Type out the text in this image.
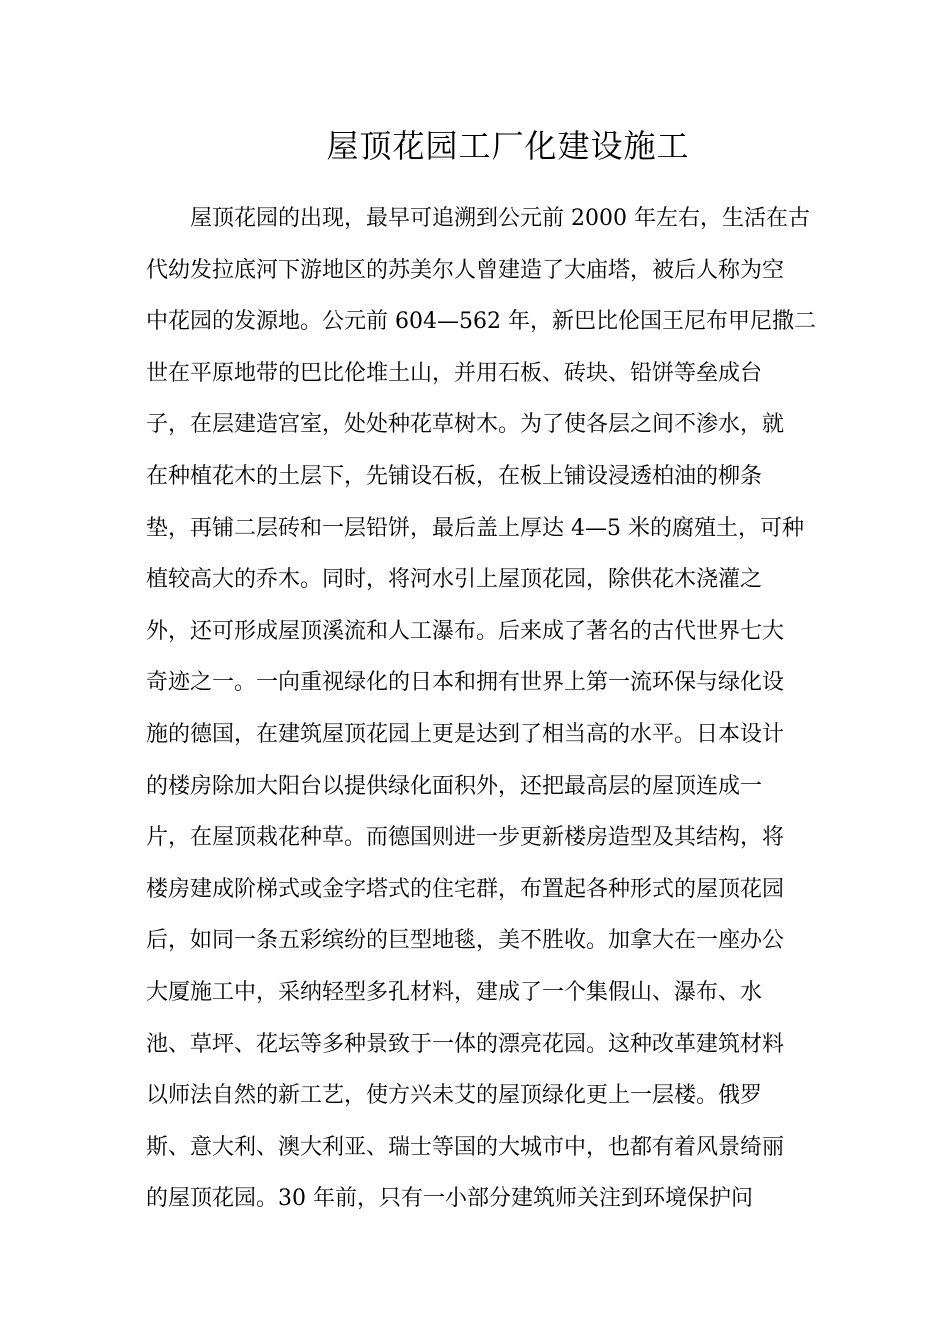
屋顶花园工厂化建设施工
屋顶花园的出现，最早可追溯到公元前 2000 年左右，生活在古
代幼发拉底河下游地区的苏美尔人曾建造了大庙塔，被后人称为空
中花园的发源地。公元前 604—562 年，新巴比伦国王尼布甲尼撒二
世在平原地带的巴比伦堆土山，并用石板、砖块、铅饼等垒成台
子，在层建造宫室，处处种花草树木。为了使各层之间不渗水，就
在种植花木的土层下，先铺设石板，在板上铺设浸透柏油的柳条
垫，再铺二层砖和一层铅饼，最后盖上厚达 4—5 米的腐殖土，可种
植较高大的乔木。同时，将河水引上屋顶花园，除供花木浇灌之
外，还可形成屋顶溪流和人工瀑布。后来成了著名的古代世界七大
奇迹之一。一向重视绿化的日本和拥有世界上第一流环保与绿化设
施的德国，在建筑屋顶花园上更是达到了相当高的水平。日本设计
的楼房除加大阳台以提供绿化面积外，还把最高层的屋顶连成一
片，在屋顶栽花种草。而德国则进一步更新楼房造型及其结构，将
楼房建成阶梯式或金字塔式的住宅群，布置起各种形式的屋顶花园
后，如同一条五彩缤纷的巨型地毯，美不胜收。加拿大在一座办公
大厦施工中，采纳轻型多孔材料，建成了一个集假山、瀑布、水
池、草坪、花坛等多种景致于一体的漂亮花园。这种改革建筑材料
以师法自然的新工艺，使方兴未艾的屋顶绿化更上一层楼。俄罗
斯、意大利、澳大利亚、瑞士等国的大城市中，也都有着风景绮丽
的屋顶花园。30 年前，只有一小部分建筑师关注到环境保护问
